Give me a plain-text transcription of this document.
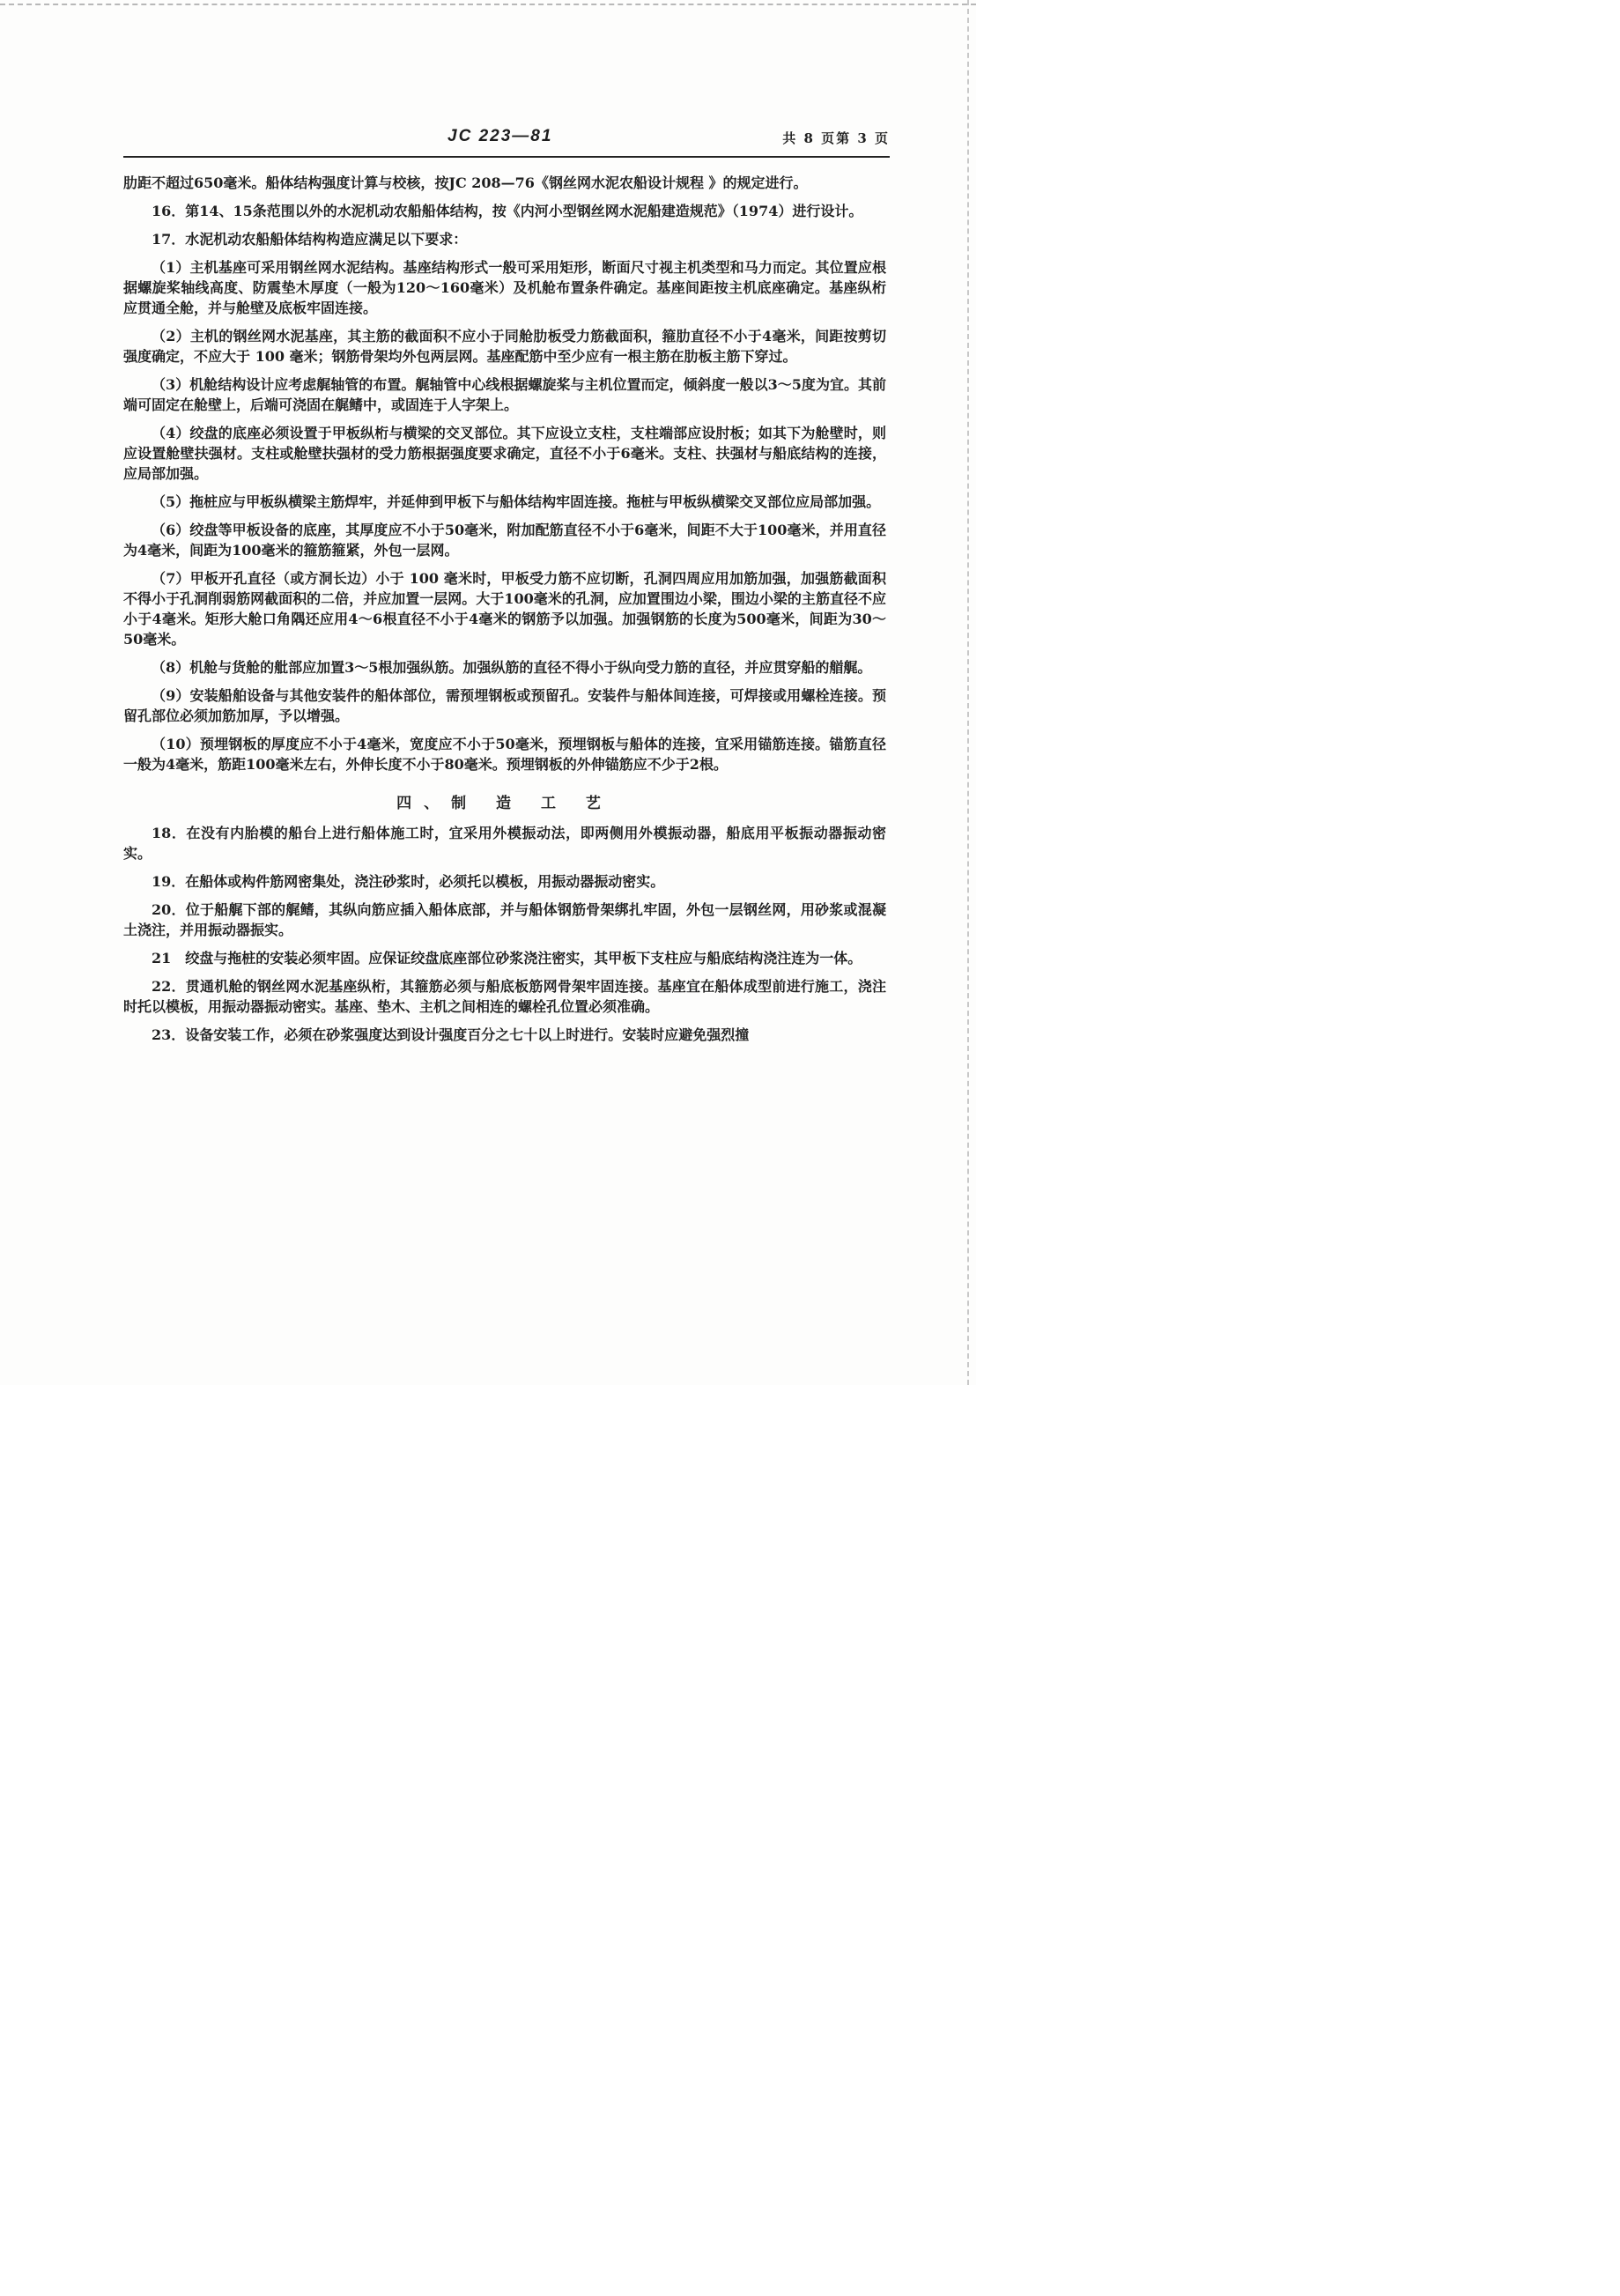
JC 223—81	共 8 页第 3 页

肋距不超过650毫米。船体结构强度计算与校核，按JC 208—76《钢丝网水泥农船设计规程 》的规定进行。

16．第14、15条范围以外的水泥机动农船船体结构，按《内河小型钢丝网水泥船建造规范》（1974）进行设计。

17．水泥机动农船船体结构构造应满足以下要求：

（1）主机基座可采用钢丝网水泥结构。基座结构形式一般可采用矩形，断面尺寸视主机类型和马力而定。其位置应根据螺旋桨轴线高度、防震垫木厚度（一般为120～160毫米）及机舱布置条件确定。基座间距按主机底座确定。基座纵桁应贯通全舱，并与舱壁及底板牢固连接。

（2）主机的钢丝网水泥基座，其主筋的截面积不应小于同舱肋板受力筋截面积，箍肋直径不小于4毫米，间距按剪切强度确定，不应大于 100 毫米；钢筋骨架均外包两层网。基座配筋中至少应有一根主筋在肋板主筋下穿过。

（3）机舱结构设计应考虑艉轴管的布置。艉轴管中心线根据螺旋桨与主机位置而定，倾斜度一般以3～5度为宜。其前端可固定在舱壁上，后端可浇固在艉鳍中，或固连于人字架上。

（4）绞盘的底座必须设置于甲板纵桁与横梁的交叉部位。其下应设立支柱，支柱端部应设肘板；如其下为舱壁时，则应设置舱壁扶强材。支柱或舱壁扶强材的受力筋根据强度要求确定，直径不小于6毫米。支柱、扶强材与船底结构的连接，应局部加强。

（5）拖桩应与甲板纵横梁主筋焊牢，并延伸到甲板下与船体结构牢固连接。拖桩与甲板纵横梁交叉部位应局部加强。

（6）绞盘等甲板设备的底座，其厚度应不小于50毫米，附加配筋直径不小于6毫米，间距不大于100毫米，并用直径为4毫米，间距为100毫米的箍筋箍紧，外包一层网。

（7）甲板开孔直径（或方洞长边）小于 100 毫米时，甲板受力筋不应切断，孔洞四周应用加筋加强，加强筋截面积不得小于孔洞削弱筋网截面积的二倍，并应加置一层网。大于100毫米的孔洞，应加置围边小梁，围边小梁的主筋直径不应小于4毫米。矩形大舱口角隅还应用4～6根直径不小于4毫米的钢筋予以加强。加强钢筋的长度为500毫米，间距为30～50毫米。

（8）机舱与货舱的舭部应加置3～5根加强纵筋。加强纵筋的直径不得小于纵向受力筋的直径，并应贯穿船的艏艉。

（9）安装船舶设备与其他安装件的船体部位，需预埋钢板或预留孔。安装件与船体间连接，可焊接或用螺栓连接。预留孔部位必须加筋加厚，予以增强。

（10）预埋钢板的厚度应不小于4毫米，宽度应不小于50毫米，预埋钢板与船体的连接，宜采用锚筋连接。锚筋直径一般为4毫米，筋距100毫米左右，外伸长度不小于80毫米。预埋钢板的外伸锚筋应不少于2根。

四、制 造 工 艺

18．在没有内胎模的船台上进行船体施工时，宜采用外模振动法，即两侧用外模振动器，船底用平板振动器振动密实。

19．在船体或构件筋网密集处，浇注砂浆时，必须托以模板，用振动器振动密实。

20．位于船艉下部的艉鳍，其纵向筋应插入船体底部，并与船体钢筋骨架绑扎牢固，外包一层钢丝网，用砂浆或混凝土浇注，并用振动器振实。

21　绞盘与拖桩的安装必须牢固。应保证绞盘底座部位砂浆浇注密实，其甲板下支柱应与船底结构浇注连为一体。

22．贯通机舱的钢丝网水泥基座纵桁，其箍筋必须与船底板筋网骨架牢固连接。基座宜在船体成型前进行施工，浇注时托以模板，用振动器振动密实。基座、垫木、主机之间相连的螺栓孔位置必须准确。

23．设备安装工作，必须在砂浆强度达到设计强度百分之七十以上时进行。安装时应避免强烈撞
